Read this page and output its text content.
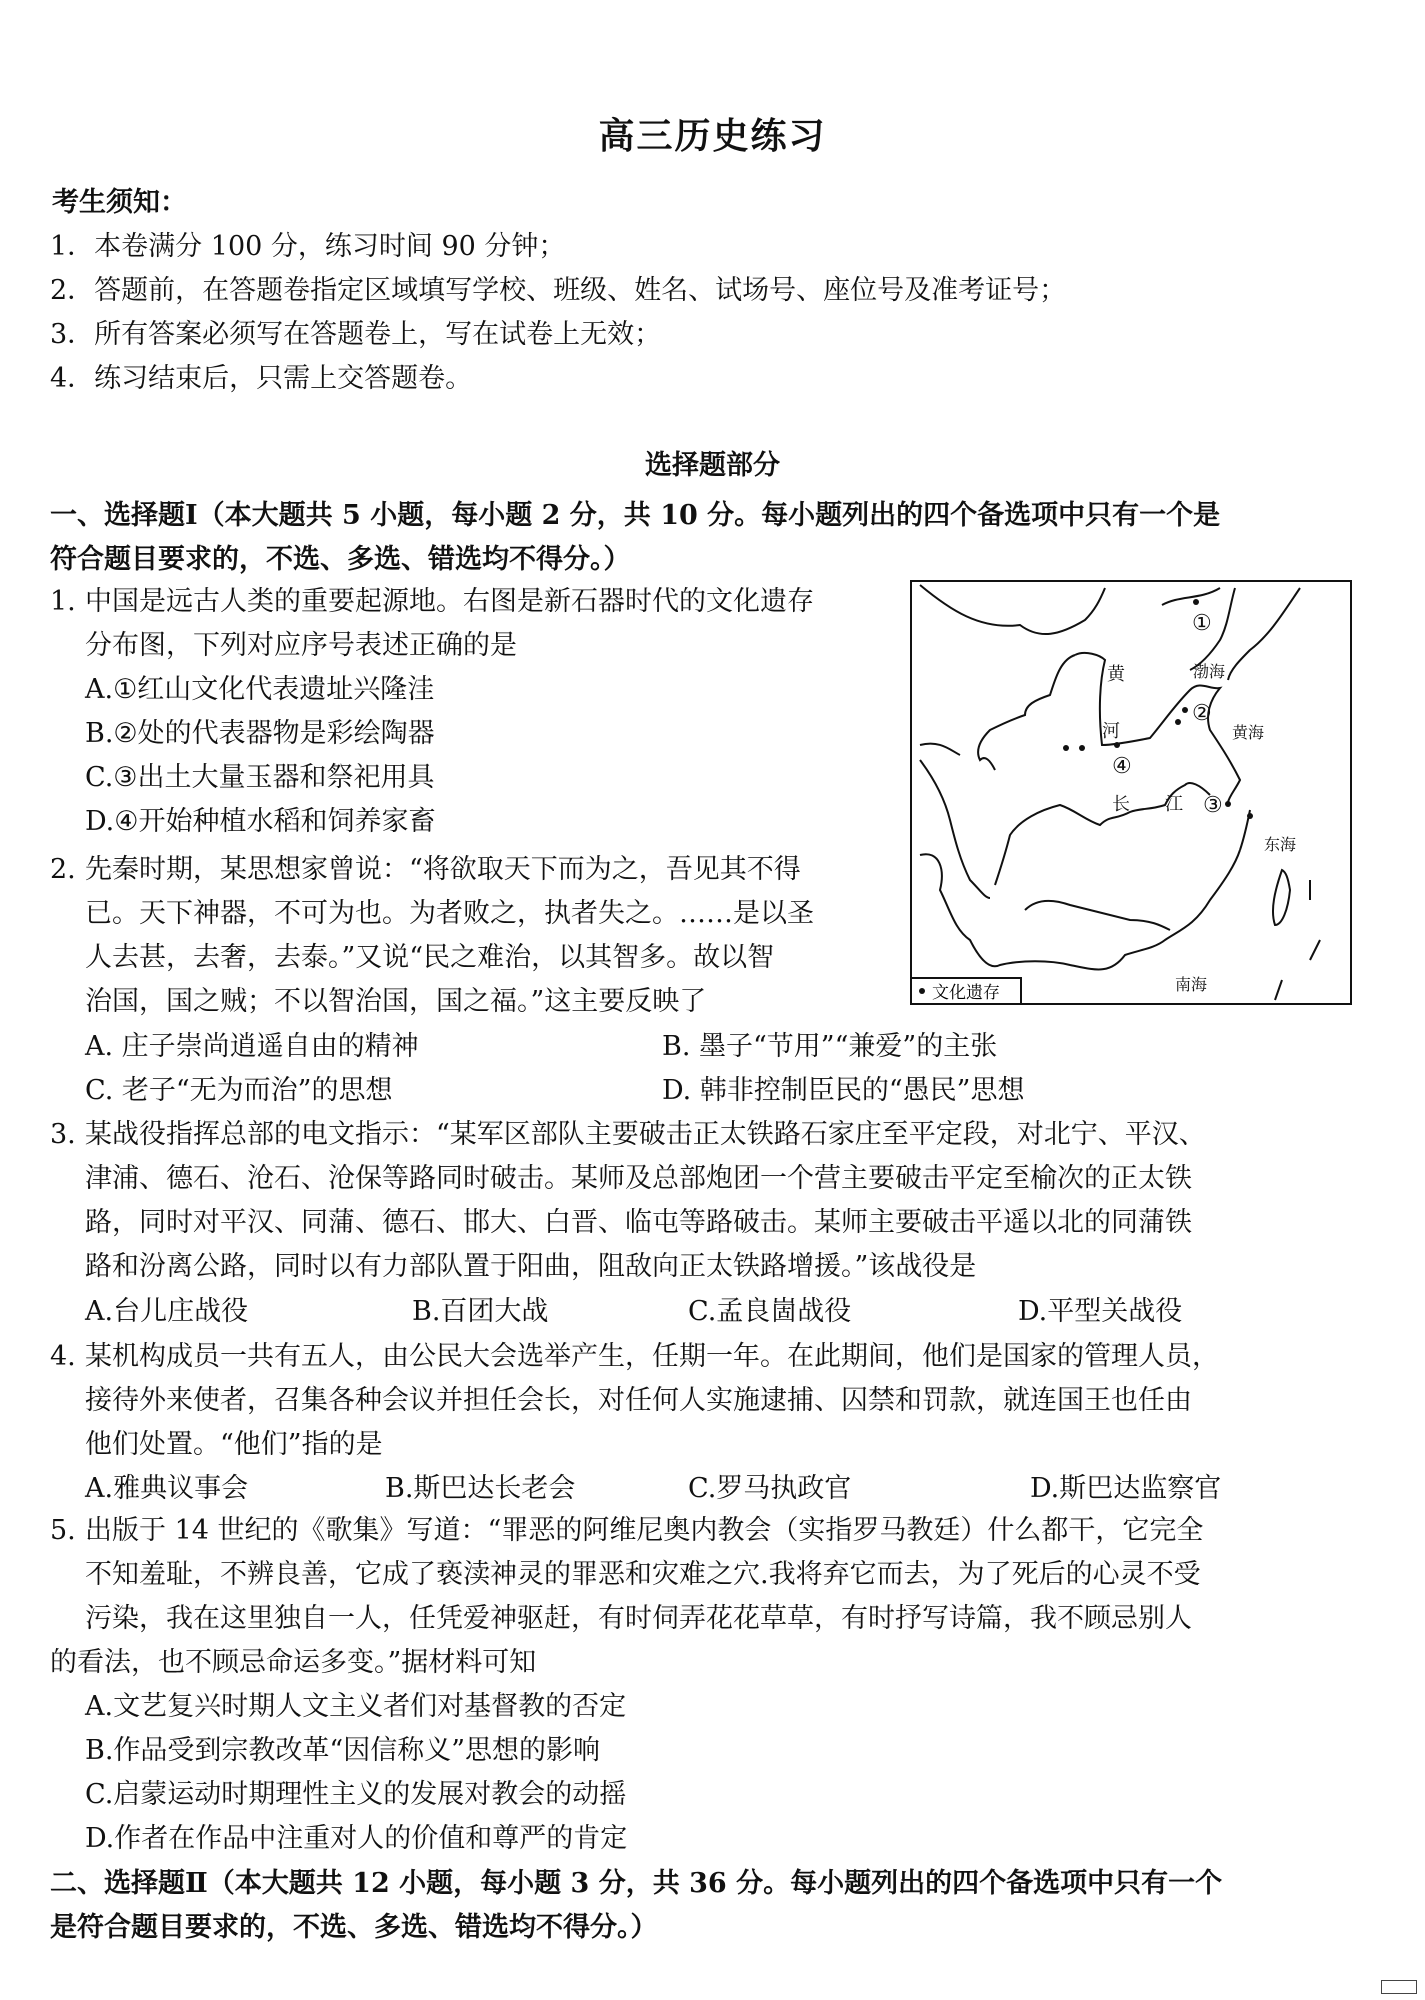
高三历史练习
考生须知：
1．本卷满分 100 分，练习时间 90 分钟；
2．答题前，在答题卷指定区域填写学校、班级、姓名、试场号、座位号及准考证号；
3．所有答案必须写在答题卷上，写在试卷上无效；
4．练习结束后，只需上交答题卷。
选择题部分
一、选择题Ⅰ（本大题共 5 小题，每小题 2 分，共 10 分。每小题列出的四个备选项中只有一个是
符合题目要求的，不选、多选、错选均不得分。）
1. 中国是远古人类的重要起源地。右图是新石器时代的文化遗存
分布图，下列对应序号表述正确的是
A.①红山文化代表遗址兴隆洼
B.②处的代表器物是彩绘陶器
C.③出土大量玉器和祭祀用具
D.④开始种植水稻和饲养家畜
黄
河
渤海
黄海
长 江
东海
南海
①
②
③
④
文化遗存
2. 先秦时期，某思想家曾说：“将欲取天下而为之，吾见其不得
已。天下神器，不可为也。为者败之，执者失之。……是以圣
人去甚，去奢，去泰。”又说“民之难治，以其智多。故以智
治国，国之贼；不以智治国，国之福。”这主要反映了
A. 庄子崇尚逍遥自由的精神	B. 墨子“节用”“兼爱”的主张
C. 老子“无为而治”的思想	D. 韩非控制臣民的“愚民”思想
3. 某战役指挥总部的电文指示：“某军区部队主要破击正太铁路石家庄至平定段，对北宁、平汉、
津浦、德石、沧石、沧保等路同时破击。某师及总部炮团一个营主要破击平定至榆次的正太铁
路，同时对平汉、同蒲、德石、邯大、白晋、临屯等路破击。某师主要破击平遥以北的同蒲铁
路和汾离公路，同时以有力部队置于阳曲，阻敌向正太铁路增援。”该战役是
A.台儿庄战役	B.百团大战	C.孟良崮战役	D.平型关战役
4. 某机构成员一共有五人，由公民大会选举产生，任期一年。在此期间，他们是国家的管理人员，
接待外来使者，召集各种会议并担任会长，对任何人实施逮捕、囚禁和罚款，就连国王也任由
他们处置。“他们”指的是
A.雅典议事会	B.斯巴达长老会	C.罗马执政官	D.斯巴达监察官
5. 出版于 14 世纪的《歌集》写道：“罪恶的阿维尼奥内教会（实指罗马教廷）什么都干，它完全
不知羞耻，不辨良善，它成了亵渎神灵的罪恶和灾难之穴.我将弃它而去，为了死后的心灵不受
污染，我在这里独自一人，任凭爱神驱赶，有时伺弄花花草草，有时抒写诗篇，我不顾忌别人
的看法，也不顾忌命运多变。”据材料可知
A.文艺复兴时期人文主义者们对基督教的否定
B.作品受到宗教改革“因信称义”思想的影响
C.启蒙运动时期理性主义的发展对教会的动摇
D.作者在作品中注重对人的价值和尊严的肯定
二、选择题Ⅱ（本大题共 12 小题，每小题 3 分，共 36 分。每小题列出的四个备选项中只有一个
是符合题目要求的，不选、多选、错选均不得分。）
